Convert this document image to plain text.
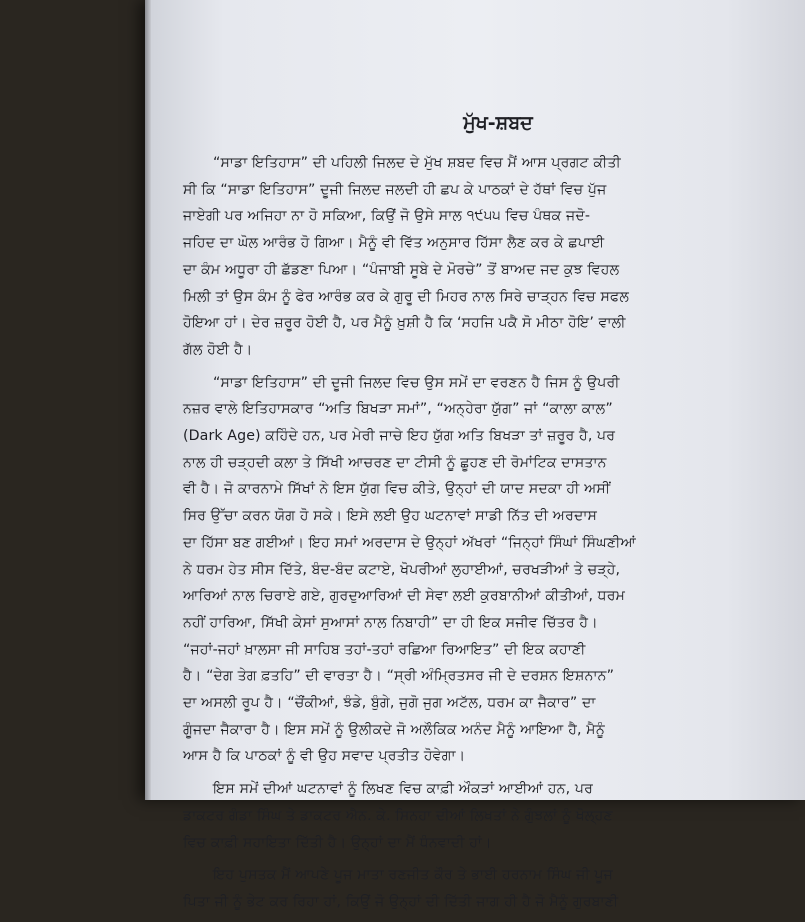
ਮੁੱਖ-ਸ਼ਬਦ
“ਸਾਡਾ ਇਤਿਹਾਸ” ਦੀ ਪਹਿਲੀ ਜਿਲਦ ਦੇ ਮੁੱਖ ਸ਼ਬਦ ਵਿਚ ਮੈਂ ਆਸ ਪ੍ਰਗਟ ਕੀਤੀ
ਸੀ ਕਿ “ਸਾਡਾ ਇਤਿਹਾਸ” ਦੂਜੀ ਜਿਲਦ ਜਲਦੀ ਹੀ ਛਪ ਕੇ ਪਾਠਕਾਂ ਦੇ ਹੱਥਾਂ ਵਿਚ ਪੁੱਜ
ਜਾਏਗੀ ਪਰ ਅਜਿਹਾ ਨਾ ਹੋ ਸਕਿਆ, ਕਿਉਂ ਜੋ ਉਸੇ ਸਾਲ ੧੯੫੫ ਵਿਚ ਪੰਥਕ ਜਦੋ-
ਜਹਿਦ ਦਾ ਘੋਲ ਆਰੰਭ ਹੋ ਗਿਆ। ਮੈਨੂੰ ਵੀ ਵਿੱਤ ਅਨੁਸਾਰ ਹਿੱਸਾ ਲੈਣ ਕਰ ਕੇ ਛਪਾਈ
ਦਾ ਕੰਮ ਅਧੂਰਾ ਹੀ ਛੱਡਣਾ ਪਿਆ। “ਪੰਜਾਬੀ ਸੂਬੇ ਦੇ ਮੋਰਚੇ” ਤੋਂ ਬਾਅਦ ਜਦ ਕੁਝ ਵਿਹਲ
ਮਿਲੀ ਤਾਂ ਉਸ ਕੰਮ ਨੂੰ ਫੇਰ ਆਰੰਭ ਕਰ ਕੇ ਗੁਰੂ ਦੀ ਮਿਹਰ ਨਾਲ ਸਿਰੇ ਚਾੜ੍ਹਨ ਵਿਚ ਸਫਲ
ਹੋਇਆ ਹਾਂ। ਦੇਰ ਜ਼ਰੂਰ ਹੋਈ ਹੈ, ਪਰ ਮੈਨੂੰ ਖ਼ੁਸ਼ੀ ਹੈ ਕਿ ‘ਸਹਜਿ ਪਕੈ ਸੋ ਮੀਠਾ ਹੋਇ’ ਵਾਲੀ
ਗੱਲ ਹੋਈ ਹੈ।
“ਸਾਡਾ ਇਤਿਹਾਸ” ਦੀ ਦੂਜੀ ਜਿਲਦ ਵਿਚ ਉਸ ਸਮੇਂ ਦਾ ਵਰਣਨ ਹੈ ਜਿਸ ਨੂੰ ਉਪਰੀ
ਨਜ਼ਰ ਵਾਲੇ ਇਤਿਹਾਸਕਾਰ “ਅਤਿ ਬਿਖੜਾ ਸਮਾਂ”, “ਅਨ੍ਹੇਰਾ ਯੁੱਗ” ਜਾਂ “ਕਾਲਾ ਕਾਲ”
(Dark Age) ਕਹਿੰਦੇ ਹਨ, ਪਰ ਮੇਰੀ ਜਾਚੇ ਇਹ ਯੁੱਗ ਅਤਿ ਬਿਖੜਾ ਤਾਂ ਜ਼ਰੂਰ ਹੈ, ਪਰ
ਨਾਲ ਹੀ ਚੜ੍ਹਦੀ ਕਲਾ ਤੇ ਸਿੱਖੀ ਆਚਰਣ ਦਾ ਟੀਸੀ ਨੂੰ ਛੂਹਣ ਦੀ ਰੋਮਾਂਟਿਕ ਦਾਸਤਾਨ
ਵੀ ਹੈ। ਜੋ ਕਾਰਨਾਮੇ ਸਿੱਖਾਂ ਨੇ ਇਸ ਯੁੱਗ ਵਿਚ ਕੀਤੇ, ਉਨ੍ਹਾਂ ਦੀ ਯਾਦ ਸਦਕਾ ਹੀ ਅਸੀਂ
ਸਿਰ ਉੱਚਾ ਕਰਨ ਯੋਗ ਹੋ ਸਕੇ। ਇਸੇ ਲਈ ਉਹ ਘਟਨਾਵਾਂ ਸਾਡੀ ਨਿੱਤ ਦੀ ਅਰਦਾਸ
ਦਾ ਹਿੱਸਾ ਬਣ ਗਈਆਂ। ਇਹ ਸਮਾਂ ਅਰਦਾਸ ਦੇ ਉਨ੍ਹਾਂ ਅੱਖਰਾਂ “ਜਿਨ੍ਹਾਂ ਸਿੰਘਾਂ ਸਿੰਘਣੀਆਂ
ਨੇ ਧਰਮ ਹੇਤ ਸੀਸ ਦਿੱਤੇ, ਬੰਦ-ਬੰਦ ਕਟਾਏ, ਖੋਪਰੀਆਂ ਲੁਹਾਈਆਂ, ਚਰਖੜੀਆਂ ਤੇ ਚੜ੍ਹੇ,
ਆਰਿਆਂ ਨਾਲ ਚਿਰਾਏ ਗਏ, ਗੁਰਦੁਆਰਿਆਂ ਦੀ ਸੇਵਾ ਲਈ ਕੁਰਬਾਨੀਆਂ ਕੀਤੀਆਂ, ਧਰਮ
ਨਹੀਂ ਹਾਰਿਆ, ਸਿੱਖੀ ਕੇਸਾਂ ਸੁਆਸਾਂ ਨਾਲ ਨਿਬਾਹੀ” ਦਾ ਹੀ ਇਕ ਸਜੀਵ ਚਿੱਤਰ ਹੈ।
“ਜਹਾਂ-ਜਹਾਂ ਖ਼ਾਲਸਾ ਜੀ ਸਾਹਿਬ ਤਹਾਂ-ਤਹਾਂ ਰਛਿਆ ਰਿਆਇਤ” ਦੀ ਇਕ ਕਹਾਣੀ
ਹੈ। “ਦੇਗ ਤੇਗ ਫ਼ਤਹਿ” ਦੀ ਵਾਰਤਾ ਹੈ। “ਸ੍ਰੀ ਅੰਮ੍ਰਿਤਸਰ ਜੀ ਦੇ ਦਰਸ਼ਨ ਇਸ਼ਨਾਨ”
ਦਾ ਅਸਲੀ ਰੂਪ ਹੈ। “ਚੌਂਕੀਆਂ, ਝੰਡੇ, ਬੁੰਗੇ, ਜੁਗੋ ਜੁਗ ਅਟੱਲ, ਧਰਮ ਕਾ ਜੈਕਾਰ” ਦਾ
ਗੂੰਜਦਾ ਜੈਕਾਰਾ ਹੈ। ਇਸ ਸਮੇਂ ਨੂੰ ਉਲੀਕਦੇ ਜੋ ਅਲੌਕਿਕ ਅਨੰਦ ਮੈਨੂੰ ਆਇਆ ਹੈ, ਮੈਨੂੰ
ਆਸ ਹੈ ਕਿ ਪਾਠਕਾਂ ਨੂੰ ਵੀ ਉਹ ਸਵਾਦ ਪ੍ਰਤੀਤ ਹੋਵੇਗਾ।
ਇਸ ਸਮੇਂ ਦੀਆਂ ਘਟਨਾਵਾਂ ਨੂੰ ਲਿਖਣ ਵਿਚ ਕਾਫ਼ੀ ਔਕੜਾਂ ਆਈਆਂ ਹਨ, ਪਰ
ਡਾਕਟਰ ਗੰਡਾ ਸਿੰਘ ਤੇ ਡਾਕਟਰ ਐਨ. ਕੇ. ਸਿਨਹਾ ਦੀਆਂ ਲਿਖਤਾਂ ਨੇ ਗੁੰਝਲਾਂ ਨੂੰ ਖੋਲ੍ਹਣ
ਵਿਚ ਕਾਫ਼ੀ ਸਹਾਇਤਾ ਦਿੱਤੀ ਹੈ। ਉਨ੍ਹਾਂ ਦਾ ਮੈਂ ਧੰਨਵਾਦੀ ਹਾਂ।
ਇਹ ਪੁਸਤਕ ਮੈਂ ਆਪਣੇ ਪੂਜ ਮਾਤਾ ਰਣਜੀਤ ਕੌਰ ਤੇ ਭਾਈ ਹਰਨਾਮ ਸਿੰਘ ਜੀ ਪੂਜ
ਪਿਤਾ ਜੀ ਨੂੰ ਭੇਟ ਕਰ ਰਿਹਾ ਹਾਂ, ਕਿਉਂ ਜੋ ਉਨ੍ਹਾਂ ਦੀ ਦਿੱਤੀ ਜਾਗ ਹੀ ਹੈ ਜੋ ਮੈਨੂੰ ਗੁਰਬਾਣੀ
